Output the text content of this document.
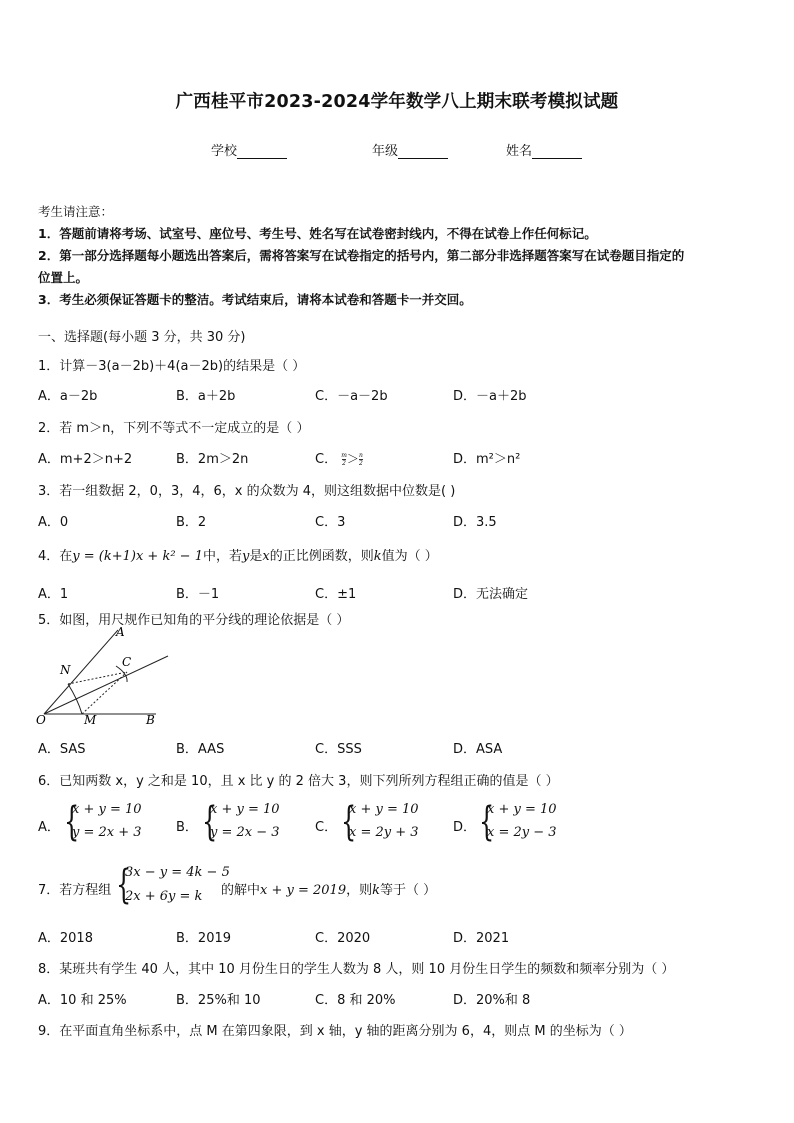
广西桂平市2023-2024学年数学八上期末联考模拟试题
学校	年级	姓名
考生请注意：
1．答题前请将考场、试室号、座位号、考生号、姓名写在试卷密封线内，不得在试卷上作任何标记。
2．第一部分选择题每小题选出答案后，需将答案写在试卷指定的括号内，第二部分非选择题答案写在试卷题目指定的
位置上。
3．考生必须保证答题卡的整洁。考试结束后，请将本试卷和答题卡一并交回。
一、选择题(每小题 3 分，共 30 分)
1．计算－3(a－2b)＋4(a－2b)的结果是（ ）
A．a－2b	B．a＋2b	C．－a－2b	D．－a＋2b
2．若 m＞n，下列不等式不一定成立的是（ ）
A．m+2＞n+2	B．2m＞2n	C． $\frac{m}{2}>\frac{n}{2}$	D．m²＞n²
3．若一组数据 2，0，3，4，6，x 的众数为 4，则这组数据中位数是( )
A．0	B．2	C．3	D．3.5
4．在y = (k+1)x + k² − 1中，若y是x的正比例函数，则k值为（ ）
A．1	B．－1	C．±1	D．无法确定
5．如图，用尺规作已知角的平分线的理论依据是（ ）
A
N
C
O	M	B
A．SAS	B．AAS	C．SSS	D．ASA
6．已知两数 x，y 之和是 10，且 x 比 y 的 2 倍大 3，则下列所列方程组正确的值是（ ）
A． {
x + y = 10
y = 2x + 3	B． {
x + y = 10
y = 2x − 3	C． {
x + y = 10
x = 2y + 3	D． {
x + y = 10
x = 2y − 3
7．若方程组 {
3x − y = 4k − 5
2x + 6y = k 的解中x + y = 2019，则k等于（ ）
A．2018	B．2019	C．2020	D．2021
8．某班共有学生 40 人，其中 10 月份生日的学生人数为 8 人，则 10 月份生日学生的频数和频率分别为（ ）
A．10 和 25%	B．25%和 10	C．8 和 20%	D．20%和 8
9．在平面直角坐标系中，点 M 在第四象限，到 x 轴，y 轴的距离分别为 6，4，则点 M 的坐标为（ ）
